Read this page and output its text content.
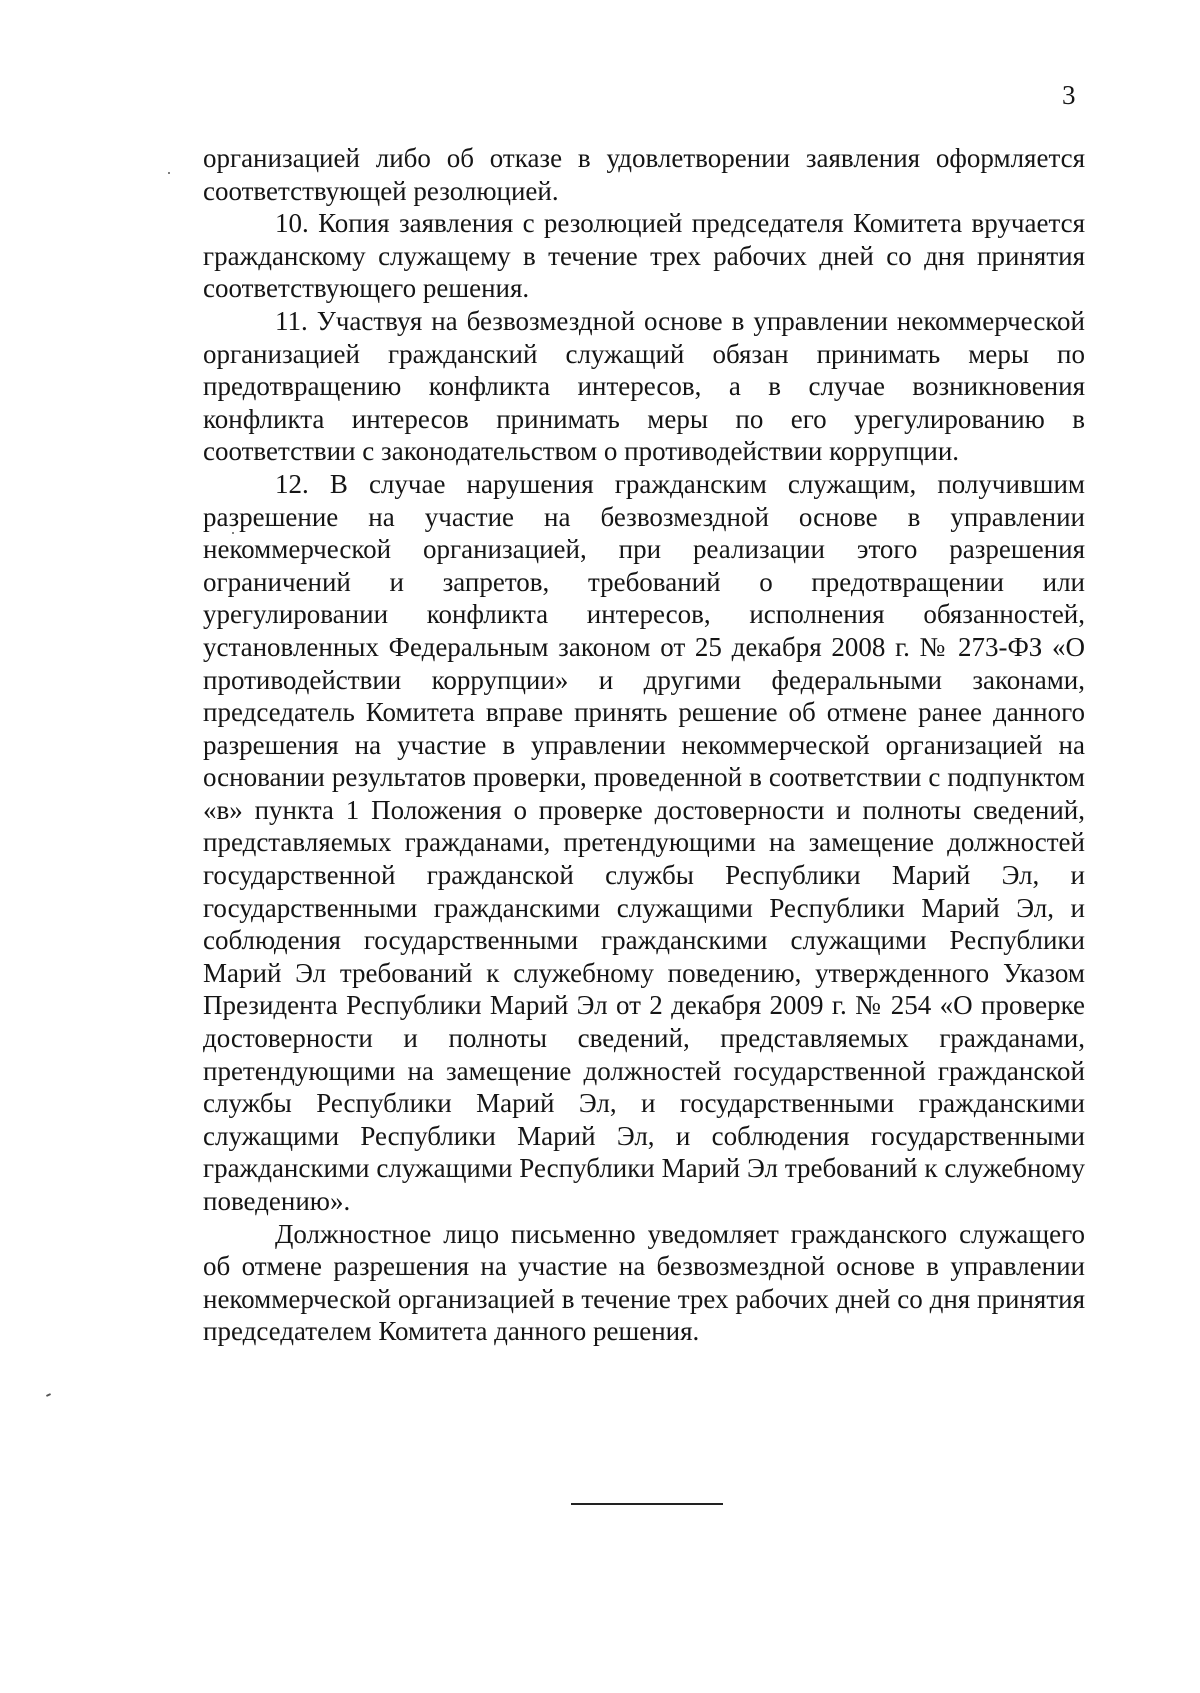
3

организацией либо об отказе в удовлетворении заявления оформляется соответствующей резолюцией.

10. Копия заявления с резолюцией председателя Комитета вручается гражданскому служащему в течение трех рабочих дней со дня принятия соответствующего решения.

11. Участвуя на безвозмездной основе в управлении некоммерческой организацией гражданский служащий обязан принимать меры по предотвращению конфликта интересов, а в случае возникновения конфликта интересов принимать меры по его урегулированию в соответствии с законодательством о противодействии коррупции.

12. В случае нарушения гражданским служащим, получившим разрешение на участие на безвозмездной основе в управлении некоммерческой организацией, при реализации этого разрешения ограничений и запретов, требований о предотвращении или урегулировании конфликта интересов, исполнения обязанностей, установленных Федеральным законом от 25 декабря 2008 г. № 273-ФЗ «О противодействии коррупции» и другими федеральными законами, председатель Комитета вправе принять решение об отмене ранее данного разрешения на участие в управлении некоммерческой организацией на основании результатов проверки, проведенной в соответствии с подпунктом «в» пункта 1 Положения о проверке достоверности и полноты сведений, представляемых гражданами, претендующими на замещение должностей государственной гражданской службы Республики Марий Эл, и государственными гражданскими служащими Республики Марий Эл, и соблюдения государственными гражданскими служащими Республики Марий Эл требований к служебному поведению, утвержденного Указом Президента Республики Марий Эл от 2 декабря 2009 г. № 254 «О проверке достоверности и полноты сведений, представляемых гражданами, претендующими на замещение должностей государственной гражданской службы Республики Марий Эл, и государственными гражданскими служащими Республики Марий Эл, и соблюдения государственными гражданскими служащими Республики Марий Эл требований к служебному поведению».

Должностное лицо письменно уведомляет гражданского служащего об отмене разрешения на участие на безвозмездной основе в управлении некоммерческой организацией в течение трех рабочих дней со дня принятия председателем Комитета данного решения.
